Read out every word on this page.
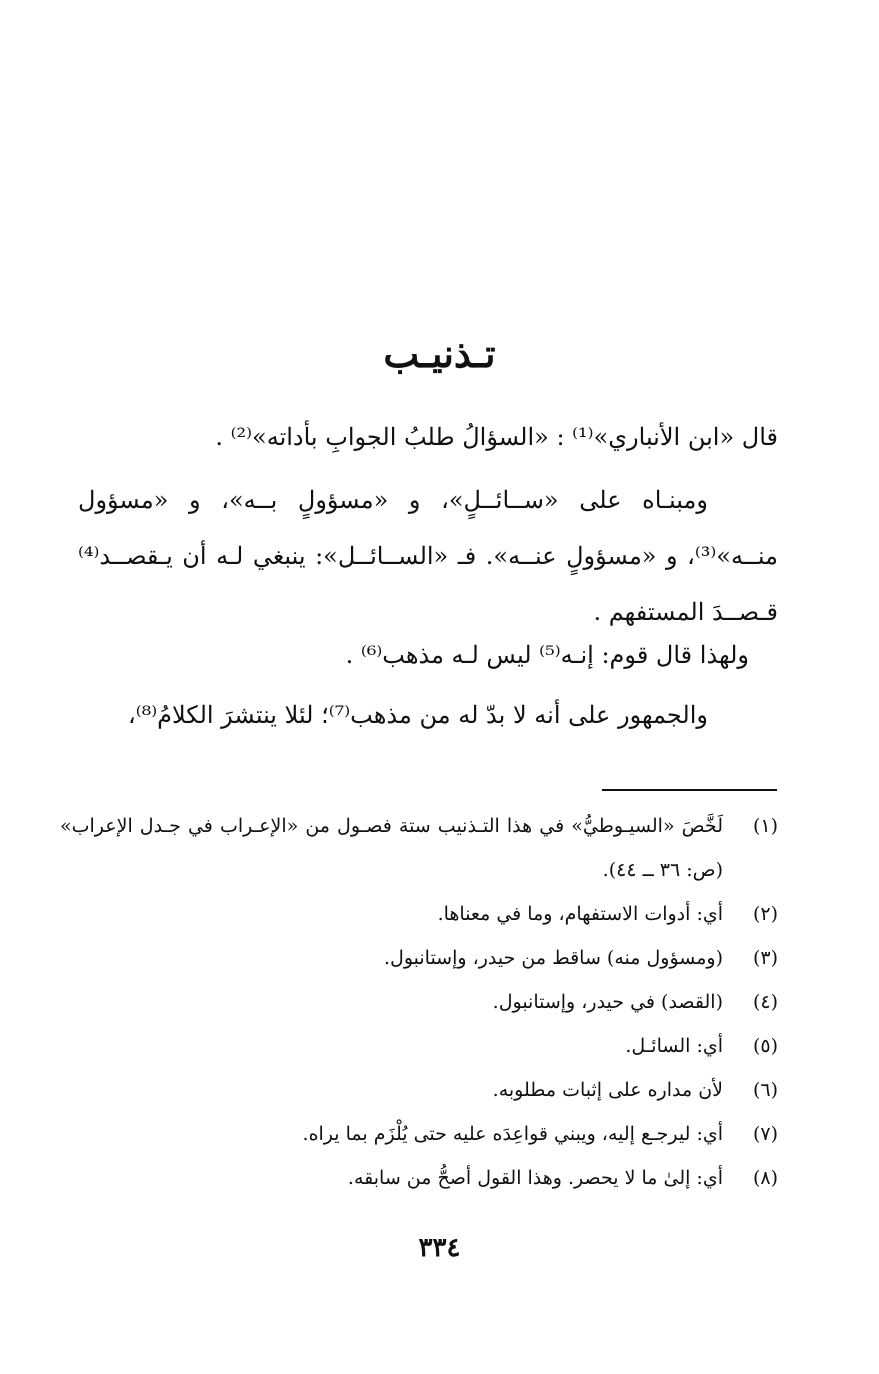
تـذنيـب
قال «ابن الأنباري»⁽¹⁾ : «السؤالُ طلبُ الجوابِ بأداته»⁽²⁾ .
ومبنـاه على «ســائــلٍ»، و «مسؤولٍ بــه»، و «مسؤول منــه»⁽³⁾، و «مسؤولٍ عنــه». فـ «الســائــل»: ينبغي لـه أن يـقصــد⁽⁴⁾ قـصــدَ المستفهم .
ولهذا قال قوم: إنـه⁽⁵⁾ ليس لـه مذهب⁽⁶⁾ .
والجمهور على أنه لا بدّ له من مذهب⁽⁷⁾؛ لئلا ينتشرَ الكلامُ⁽⁸⁾،
(١)
لَخَّصَ «السيـوطيُّ» في هذا التـذنيب ستة فصـول من «الإعـراب في جـدل الإعراب» (ص: ٣٦ ــ ٤٤).
(٢)
أي: أدوات الاستفهام، وما في معناها.
(٣)
(ومسؤول منه) ساقط من حيدر، وإستانبول.
(٤)
(القصد) في حيدر، وإستانبول.
(٥)
أي: السائـل.
(٦)
لأن مداره على إثبات مطلوبه.
(٧)
أي: ليرجـع إليه، ويبني قواعِدَه عليه حتى يُلْزَم بما يراه.
(٨)
أي: إلىٰ ما لا يحصر. وهذا القول أصحُّ من سابقه.
٣٣٤
